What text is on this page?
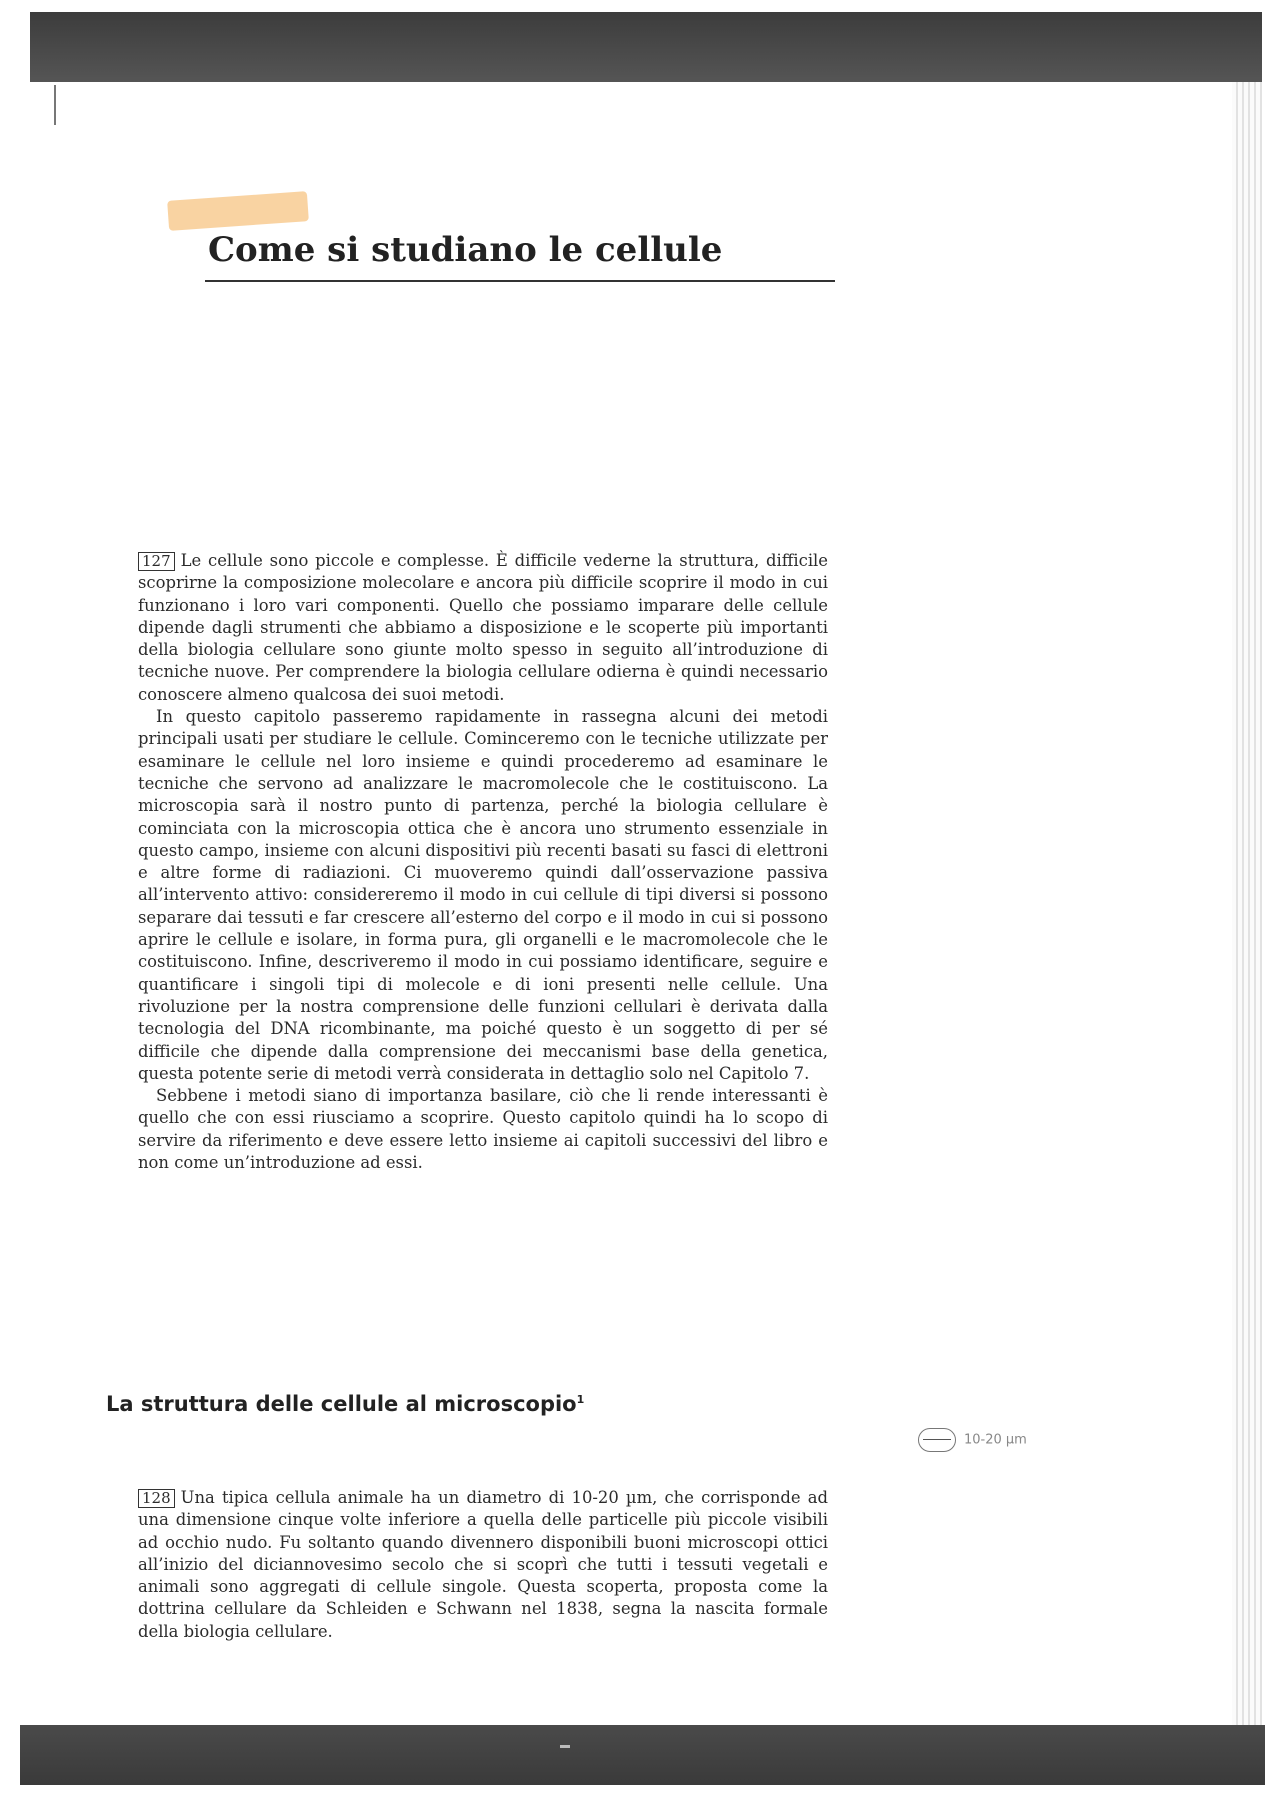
Come si studiano le cellule

127 Le cellule sono piccole e complesse. È difficile vederne la struttura, difficile scoprirne la composizione molecolare e ancora più difficile scoprire il modo in cui funzionano i loro vari componenti. Quello che possiamo imparare delle cellule dipende dagli strumenti che abbiamo a disposizione e le scoperte più importanti della biologia cellulare sono giunte molto spesso in seguito all’introduzione di tecniche nuove. Per comprendere la biologia cellulare odierna è quindi necessario conoscere almeno qualcosa dei suoi metodi.

In questo capitolo passeremo rapidamente in rassegna alcuni dei metodi principali usati per studiare le cellule. Cominceremo con le tecniche utilizzate per esaminare le cellule nel loro insieme e quindi procederemo ad esaminare le tecniche che servono ad analizzare le macromolecole che le costituiscono. La microscopia sarà il nostro punto di partenza, perché la biologia cellulare è cominciata con la microscopia ottica che è ancora uno strumento essenziale in questo campo, insieme con alcuni dispositivi più recenti basati su fasci di elettroni e altre forme di radiazioni. Ci muoveremo quindi dall’osservazione passiva all’intervento attivo: considereremo il modo in cui cellule di tipi diversi si possono separare dai tessuti e far crescere all’esterno del corpo e il modo in cui si possono aprire le cellule e isolare, in forma pura, gli organelli e le macromolecole che le costituiscono. Infine, descriveremo il modo in cui possiamo identificare, seguire e quantificare i singoli tipi di molecole e di ioni presenti nelle cellule. Una rivoluzione per la nostra comprensione delle funzioni cellulari è derivata dalla tecnologia del DNA ricombinante, ma poiché questo è un soggetto di per sé difficile che dipende dalla comprensione dei meccanismi base della genetica, questa potente serie di metodi verrà considerata in dettaglio solo nel Capitolo 7.

Sebbene i metodi siano di importanza basilare, ciò che li rende interessanti è quello che con essi riusciamo a scoprire. Questo capitolo quindi ha lo scopo di servire da riferimento e deve essere letto insieme ai capitoli successivi del libro e non come un’introduzione ad essi.

La struttura delle cellule al microscopio$^1$
10-20 µm

128 Una tipica cellula animale ha un diametro di 10-20 µm, che corrisponde ad una dimensione cinque volte inferiore a quella delle particelle più piccole visibili ad occhio nudo. Fu soltanto quando divennero disponibili buoni microscopi ottici all’inizio del diciannovesimo secolo che si scoprì che tutti i tessuti vegetali e animali sono aggregati di cellule singole. Questa scoperta, proposta come la dottrina cellulare da Schleiden e Schwann nel 1838, segna la nascita formale della biologia cellulare.
